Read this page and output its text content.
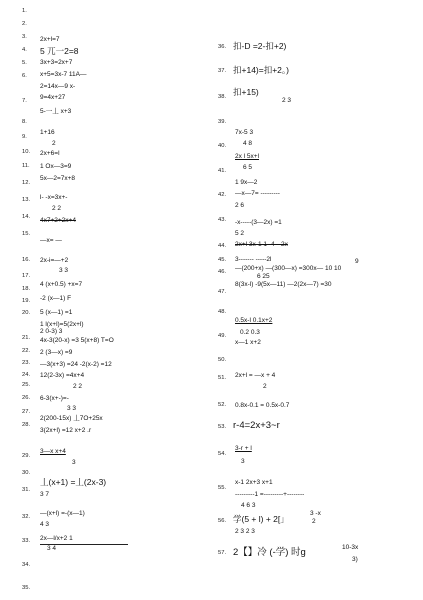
1.
2.
3.
4.
5.
6.
7.
8.
9.
10.
11.
12.
13.
14.
15.
16.
17.
18.
19.
20.
21.
22.
23.
24.
25.
26.
27.
28.
29.
30.
31.
32.
33.
34.
35.
2x+l=7
5 兀一2=8
3x+3=2x+7
x+5=3x-7 11A—
2=14x—9 x-
9=4x+27
5-一丄 x+3
1+16
2
2x+6=l
1 Ox—3=9
5x—2=7x+8
l- -x=3x+-
2 2
4x7+2+2x+4
—x= —
2x-i=—+2
3 3
4 (x+0.5) +x=7
-2 (x—1) F
5 (x—1) =1
1 l(x+l)=5(2x+l)
2 0-3) 3
4x-3(20-x) =3 5(x+8) T=O
2 (3—x) =9
—3(x+3) =24 -2(x-2) =12
12(2-3x) =4x+4
2 2
6-3(x+-)=-
3 3
2(200-15x) 丄7O+25x
3(2x+l) =12 x+2 .r
3—x x+4
3
丄(x+1) =丄(2x-3)
3 7
—(x+l) =-(x—1)
4 3
2x—l/x+2 1
3 4
36.
37.
38.
39.
40.
41.
42.
43.
44.
45.
46.
47.
48.
49.
50.
51.
52.
53.
54.
55.
56.
57.
扣-D =2-扣+2)
扣+14)=扣+2。)
扣+15)
2 3
7x-5 3
4 8
2x l 5x+l
6 5
1 9x—2
—x—7= ---------
2 6
-x-----(3—2x) =1
5 2
2x+l 3x-1 1 -4—2x
3------- -----2l	9
—(200+x) —(300—x) =300x— 10 10
6 25
8(3x-l) -9(5x—11) —2(2x—7) =30
0.5x-l 0.1x+2
0.2 0.3
x—1 x+2
2x+l = —x + 4
2
0.8x-0.1 = 0.5x-0.7
r-4=2x+3~r
3-r + l
3
x-1 2x+3 x+1
---------1 =---------+--------
4 6 3
学(5 + l) + 2[」
3 -x
2
2 3 2 3
2【】冷 (-学) 时g	10-3x
3)
